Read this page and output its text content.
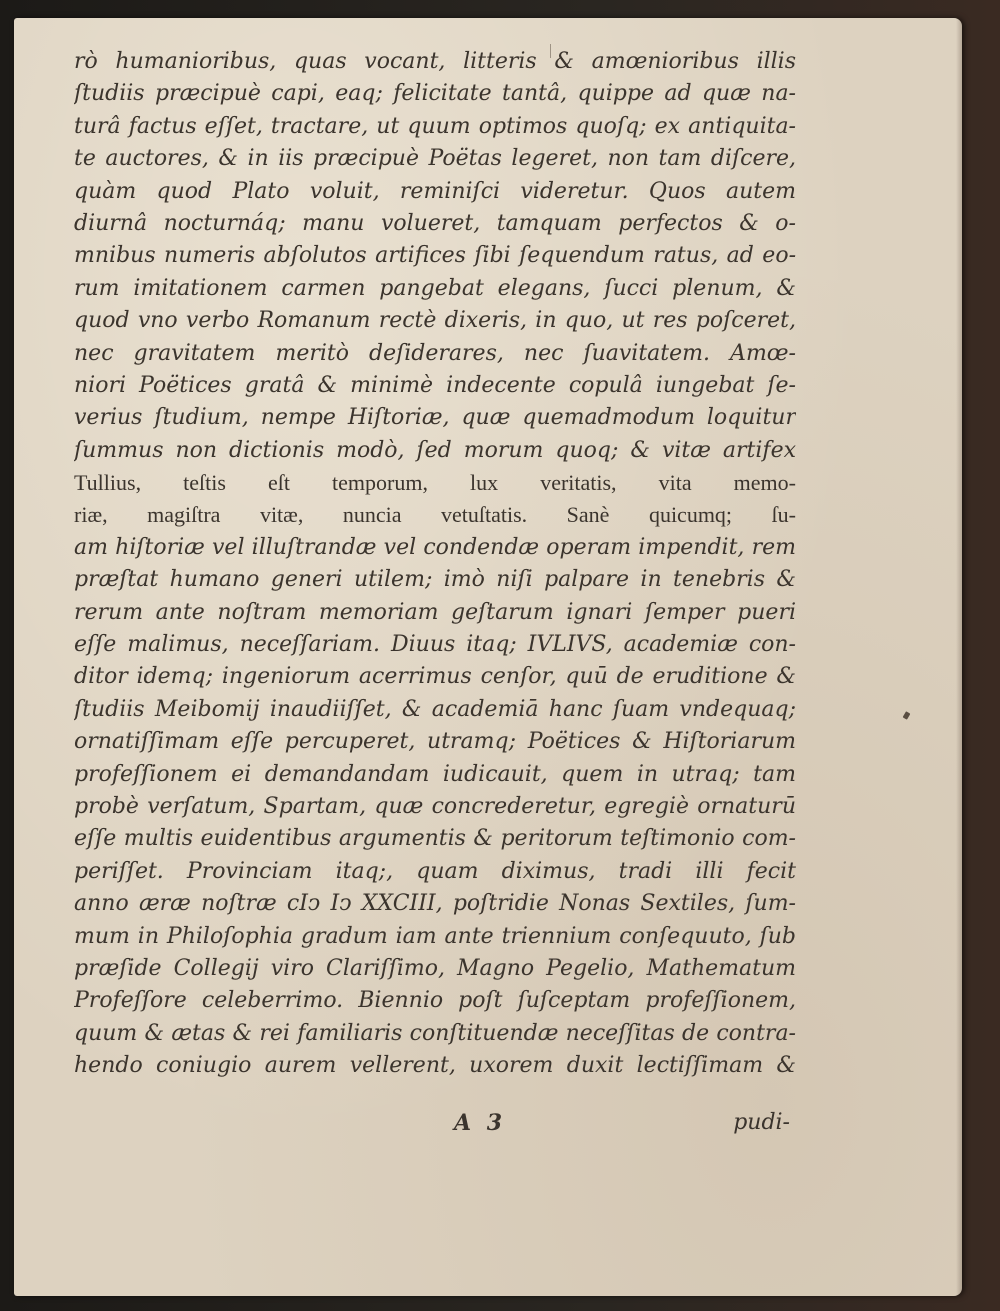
rò humanioribus, quas vocant, litteris & amœnioribus illis
ſtudiis præcipuè capi, eaq; felicitate tantâ, quippe ad quæ na-
turâ factus eſſet, tractare, ut quum optimos quoſq; ex antiquita-
te auctores, & in iis præcipuè Poëtas legeret, non tam diſcere,
quàm quod Plato voluit, reminiſci videretur. Quos autem
diurnâ nocturnáq; manu volueret, tamquam perfectos & o-
mnibus numeris abſolutos artifices ſibi ſequendum ratus, ad eo-
rum imitationem carmen pangebat elegans, ſucci plenum, &
quod vno verbo Romanum rectè dixeris, in quo, ut res poſceret,
nec gravitatem meritò deſiderares, nec ſuavitatem. Amœ-
niori Poëtices gratâ & minimè indecente copulâ iungebat ſe-
verius ſtudium, nempe Hiſtoriæ, quæ quemadmodum loquitur
ſummus non dictionis modò, ſed morum quoq; & vitæ artifex
Tullius, teſtis eſt temporum, lux veritatis, vita memo-
riæ, magiſtra vitæ, nuncia vetuſtatis. Sanè quicumq; ſu-
am hiſtoriæ vel illuſtrandæ vel condendæ operam impendit, rem
præſtat humano generi utilem; imò niſi palpare in tenebris &
rerum ante noſtram memoriam geſtarum ignari ſemper pueri
eſſe malimus, neceſſariam. Diuus itaq; IVLIVS, academiæ con-
ditor idemq; ingeniorum acerrimus cenſor, quū de eruditione &
ſtudiis Meibomij inaudiiſſet, & academiā hanc ſuam vndequaq;
ornatiſſimam eſſe percuperet, utramq; Poëtices & Hiſtoriarum
profeſſionem ei demandandam iudicauit, quem in utraq; tam
probè verſatum, Spartam, quæ concrederetur, egregiè ornaturū
eſſe multis euidentibus argumentis & peritorum teſtimonio com-
periſſet. Provinciam itaq;, quam diximus, tradi illi fecit
anno æræ noſtræ cIↄ Iↄ XXCIII, poſtridie Nonas Sextiles, ſum-
mum in Philoſophia gradum iam ante triennium conſequuto, ſub
præſide Collegij viro Clariſſimo, Magno Pegelio, Mathematum
Profeſſore celeberrimo. Biennio poſt ſuſceptam profeſſionem,
quum & ætas & rei familiaris conſtituendæ neceſſitas de contra-
hendo coniugio aurem vellerent, uxorem duxit lectiſſimam &
A 3	pudi-
